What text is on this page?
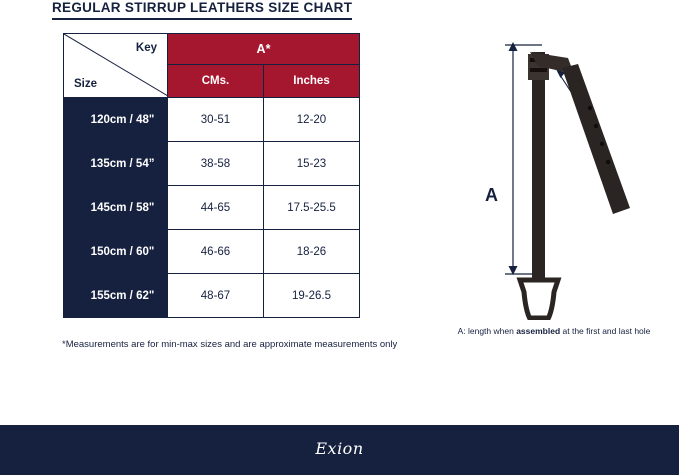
REGULAR STIRRUP LEATHERS SIZE CHART
Key
Size	A*	
	CMs.	Inches
120cm / 48"	30-51	12-20
135cm / 54”	38-58	15-23
145cm / 58"	44-65	17.5-25.5
150cm / 60"	46-66	18-26
155cm / 62"	48-67	19-26.5
*Measurements are for min-max sizes and are approximate measurements only
A
A: length when assembled at the first and last hole
Exion
